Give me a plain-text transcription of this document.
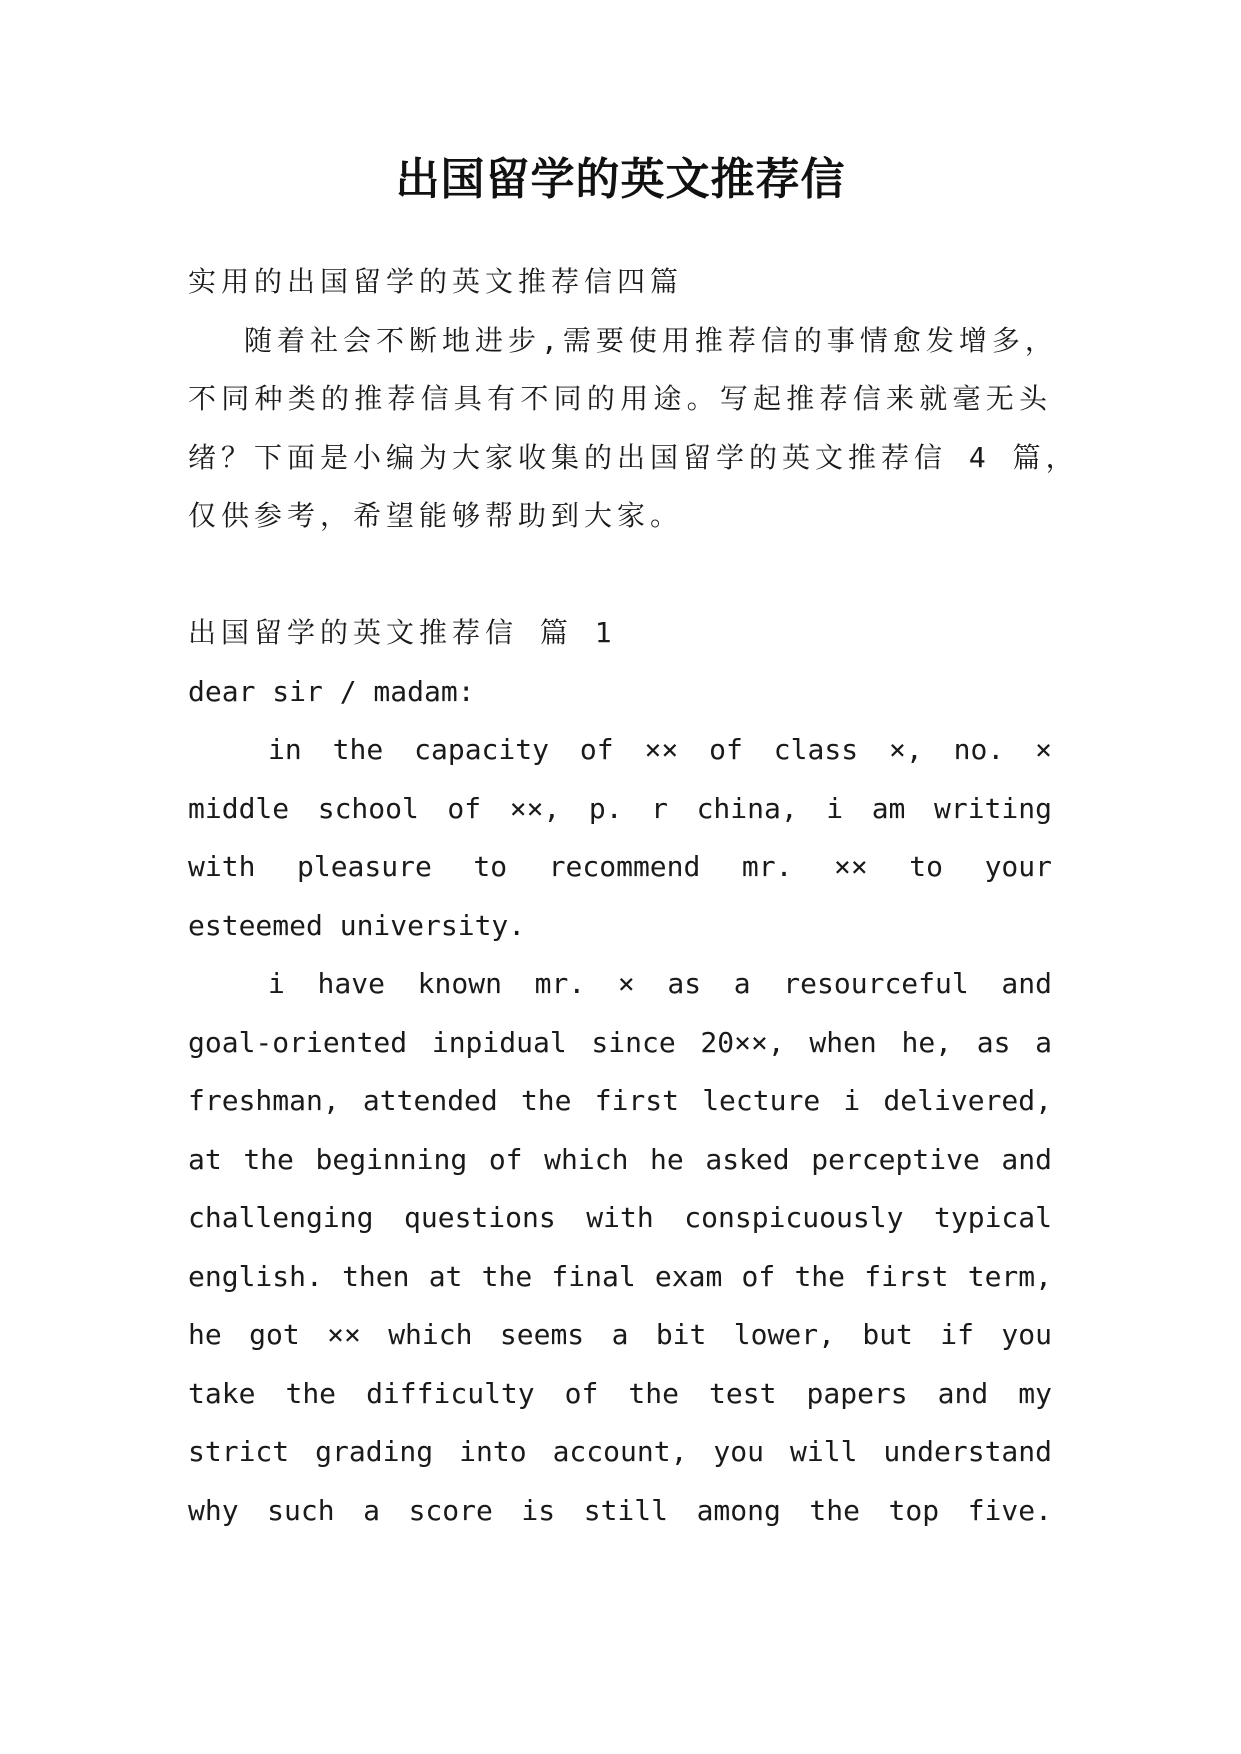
出国留学的英文推荐信
实用的出国留学的英文推荐信四篇
随着社会不断地进步,需要使用推荐信的事情愈发增多，
不同种类的推荐信具有不同的用途。写起推荐信来就毫无头
绪？下面是小编为大家收集的出国留学的英文推荐信 4 篇，
仅供参考，希望能够帮助到大家。
出国留学的英文推荐信 篇 1
dear sir / madam:
in the capacity of ×× of class ×, no. ×
middle school of ××, p. r china, i am writing
with pleasure to recommend mr. ×× to your
esteemed university.
i have known mr. × as a resourceful and
goal-oriented inpidual since 20××, when he, as a
freshman, attended the first lecture i delivered,
at the beginning of which he asked perceptive and
challenging questions with conspicuously typical
english. then at the final exam of the first term,
he got ×× which seems a bit lower, but if you
take the difficulty of the test papers and my
strict grading into account, you will understand
why such a score is still among the top five.
